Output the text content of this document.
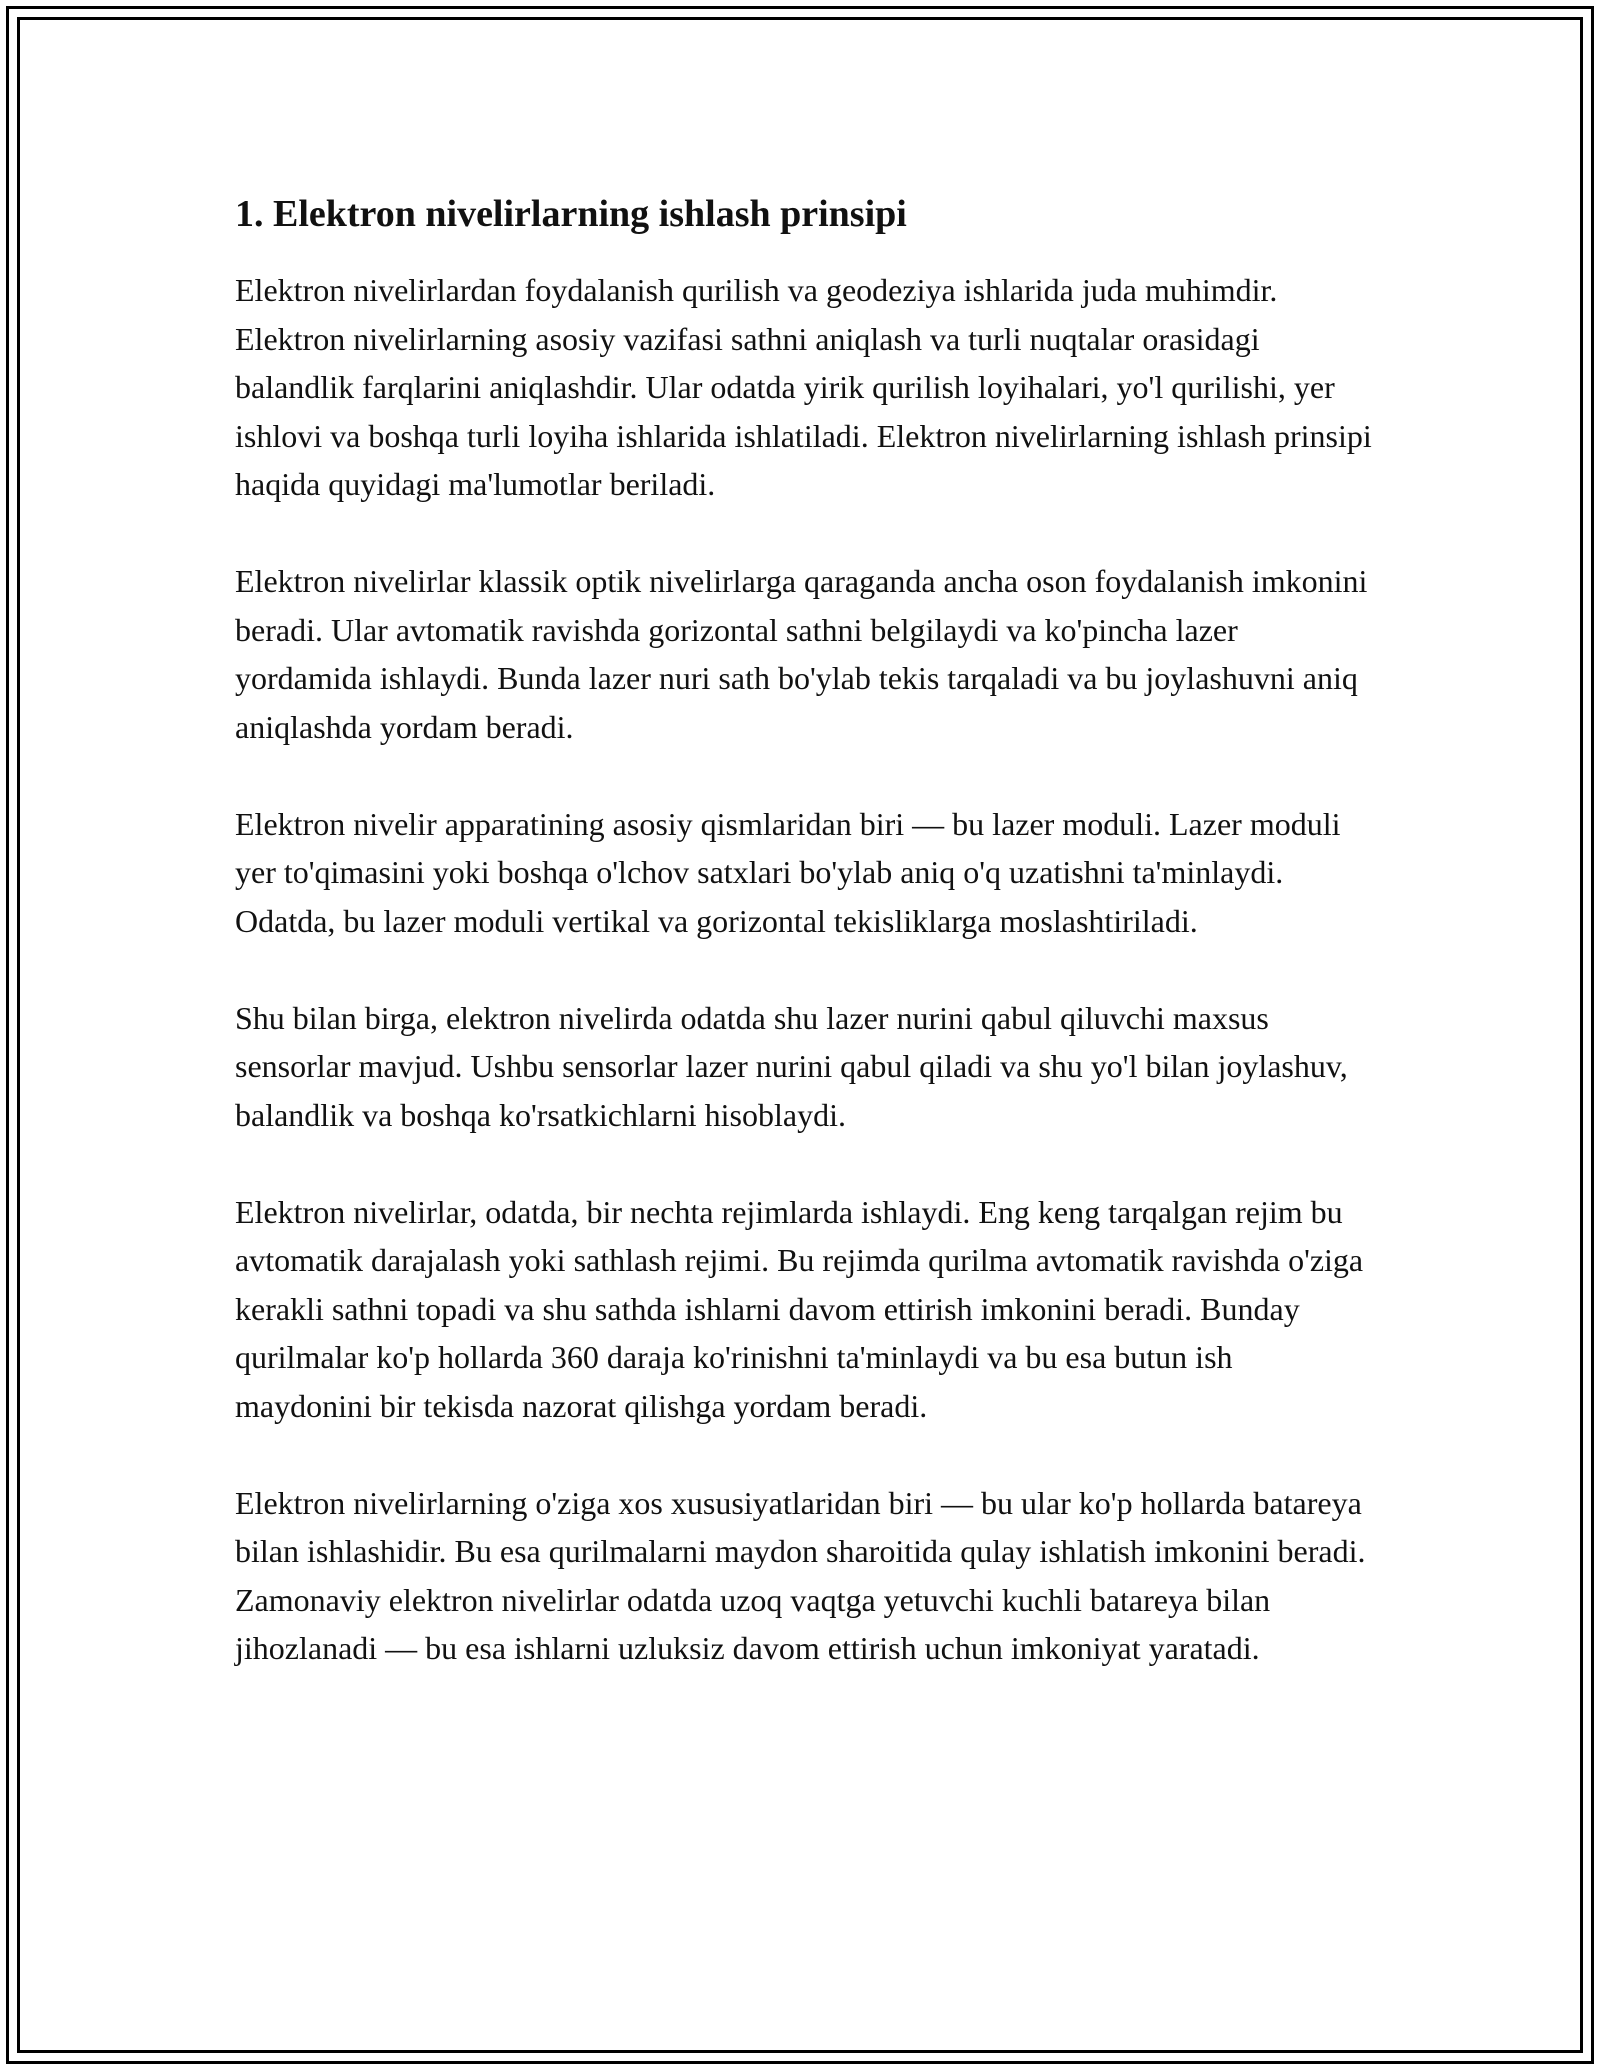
1. Elektron nivelirlarning ishlash prinsipi

Elektron nivelirlardan foydalanish qurilish va geodeziya ishlarida juda muhimdir. Elektron nivelirlarning asosiy vazifasi sathni aniqlash va turli nuqtalar orasidagi balandlik farqlarini aniqlashdir. Ular odatda yirik qurilish loyihalari, yo'l qurilishi, yer ishlovi va boshqa turli loyiha ishlarida ishlatiladi. Elektron nivelirlarning ishlash prinsipi haqida quyidagi ma'lumotlar beriladi.

Elektron nivelirlar klassik optik nivelirlarga qaraganda ancha oson foydalanish imkonini beradi. Ular avtomatik ravishda gorizontal sathni belgilaydi va ko'pincha lazer yordamida ishlaydi. Bunda lazer nuri sath bo'ylab tekis tarqaladi va bu joylashuvni aniq aniqlashda yordam beradi.

Elektron nivelir apparatining asosiy qismlaridan biri — bu lazer moduli. Lazer moduli yer to'qimasini yoki boshqa o'lchov satxlari bo'ylab aniq o'q uzatishni ta'minlaydi. Odatda, bu lazer moduli vertikal va gorizontal tekisliklarga moslashtiriladi.

Shu bilan birga, elektron nivelirda odatda shu lazer nurini qabul qiluvchi maxsus sensorlar mavjud. Ushbu sensorlar lazer nurini qabul qiladi va shu yo'l bilan joylashuv, balandlik va boshqa ko'rsatkichlarni hisoblaydi.

Elektron nivelirlar, odatda, bir nechta rejimlarda ishlaydi. Eng keng tarqalgan rejim bu avtomatik darajalash yoki sathlash rejimi. Bu rejimda qurilma avtomatik ravishda o'ziga kerakli sathni topadi va shu sathda ishlarni davom ettirish imkonini beradi. Bunday qurilmalar ko'p hollarda 360 daraja ko'rinishni ta'minlaydi va bu esa butun ish maydonini bir tekisda nazorat qilishga yordam beradi.

Elektron nivelirlarning o'ziga xos xususiyatlaridan biri — bu ular ko'p hollarda batareya bilan ishlashidir. Bu esa qurilmalarni maydon sharoitida qulay ishlatish imkonini beradi. Zamonaviy elektron nivelirlar odatda uzoq vaqtga yetuvchi kuchli batareya bilan jihozlanadi — bu esa ishlarni uzluksiz davom ettirish uchun imkoniyat yaratadi.
